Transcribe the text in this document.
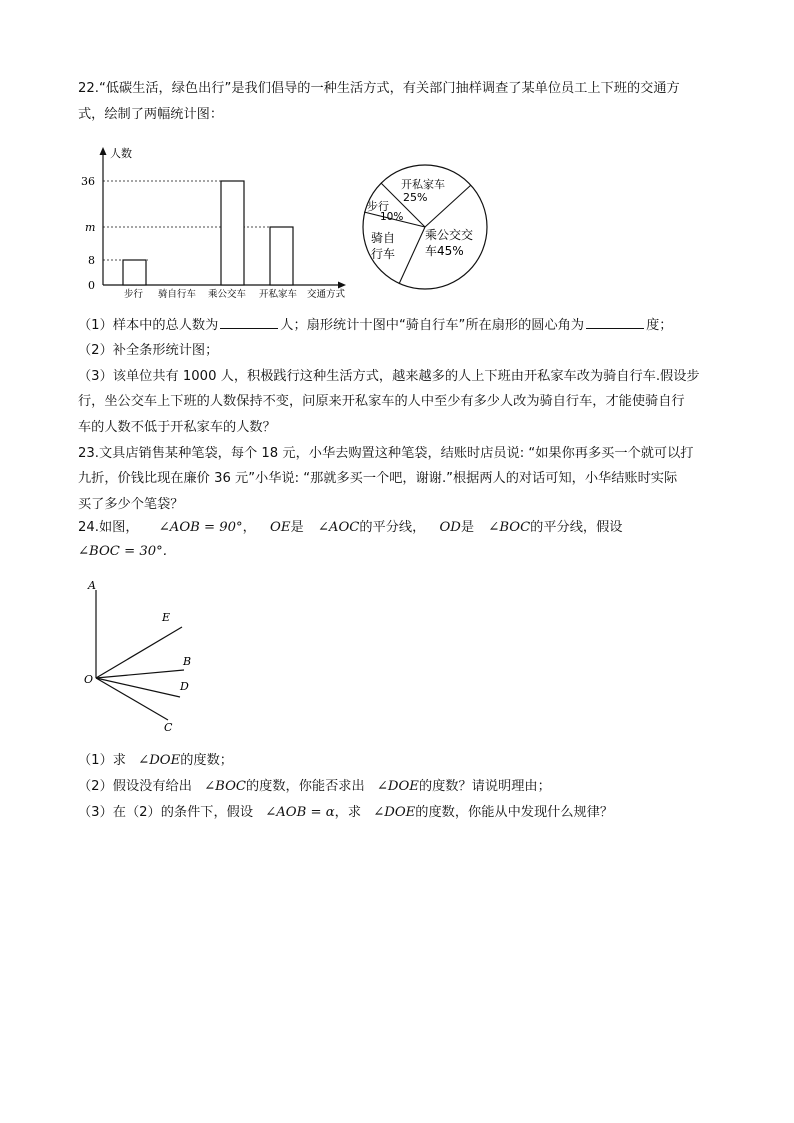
22.“低碳生活，绿色出行”是我们倡导的一种生活方式，有关部门抽样调查了某单位员工上下班的交通方
式，绘制了两幅统计图：
人数
36
m
8
0
步行 骑自行车 乘公交车 开私家车 交通方式
开私家车
25%
步行
10%
骑自
行车
乘公交交
车45%
（1）样本中的总人数为	人；扇形统计十图中“骑自行车”所在扇形的圆心角为	度；
（2）补全条形统计图；
（3）该单位共有 1000 人，积极践行这种生活方式，越来越多的人上下班由开私家车改为骑自行车.假设步
行，坐公交车上下班的人数保持不变，问原来开私家车的人中至少有多少人改为骑自行车，才能使骑自行
车的人数不低于开私家车的人数？
23.文具店销售某种笔袋，每个 18 元，小华去购置这种笔袋，结账时店员说: “如果你再多买一个就可以打
九折，价钱比现在廉价 36 元”小华说: “那就多买一个吧，谢谢.”根据两人的对话可知，小华结账时实际
买了多少个笔袋？
24.如图， ∠AOB = 90°， OE是 ∠AOC的平分线， OD是 ∠BOC的平分线，假设
∠BOC = 30°.
A
E
B
O
D
C
（1）求 ∠DOE的度数；
（2）假设没有给出 ∠BOC的度数，你能否求出 ∠DOE的度数？请说明理由；
（3）在（2）的条件下，假设 ∠AOB = α，求 ∠DOE的度数，你能从中发现什么规律？
